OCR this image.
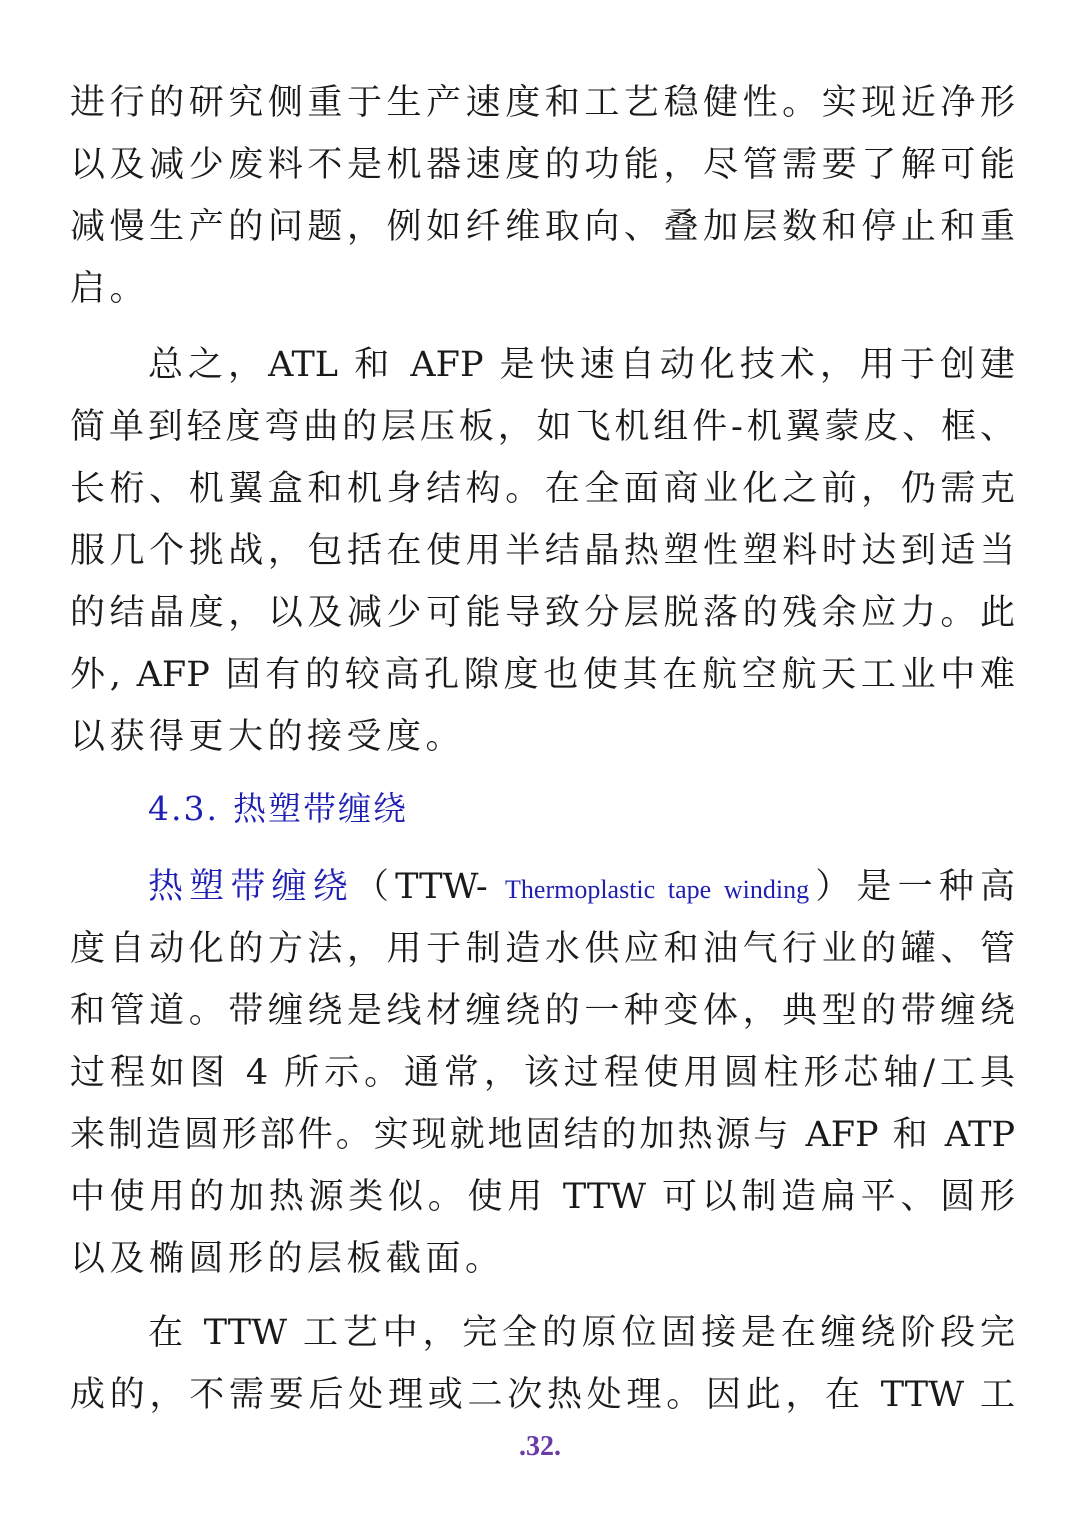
进行的研究侧重于生产速度和工艺稳健性。实现近净形
以及减少废料不是机器速度的功能，尽管需要了解可能
减慢生产的问题，例如纤维取向、叠加层数和停止和重
启。
总之，ATL 和 AFP 是快速自动化技术，用于创建
简单到轻度弯曲的层压板，如飞机组件-机翼蒙皮、框、
长桁、机翼盒和机身结构。在全面商业化之前，仍需克
服几个挑战，包括在使用半结晶热塑性塑料时达到适当
的结晶度，以及减少可能导致分层脱落的残余应力。此
外, AFP 固有的较高孔隙度也使其在航空航天工业中难
以获得更大的接受度。
4.3. 热塑带缠绕
热塑带缠绕（TTW- Thermoplastic tape winding）是一种高
度自动化的方法，用于制造水供应和油气行业的罐、管
和管道。带缠绕是线材缠绕的一种变体，典型的带缠绕
过程如图 4 所示。通常，该过程使用圆柱形芯轴/工具
来制造圆形部件。实现就地固结的加热源与 AFP 和 ATP
中使用的加热源类似。使用 TTW 可以制造扁平、圆形
以及椭圆形的层板截面。
在 TTW 工艺中，完全的原位固接是在缠绕阶段完
成的，不需要后处理或二次热处理。因此，在 TTW 工
.32.
